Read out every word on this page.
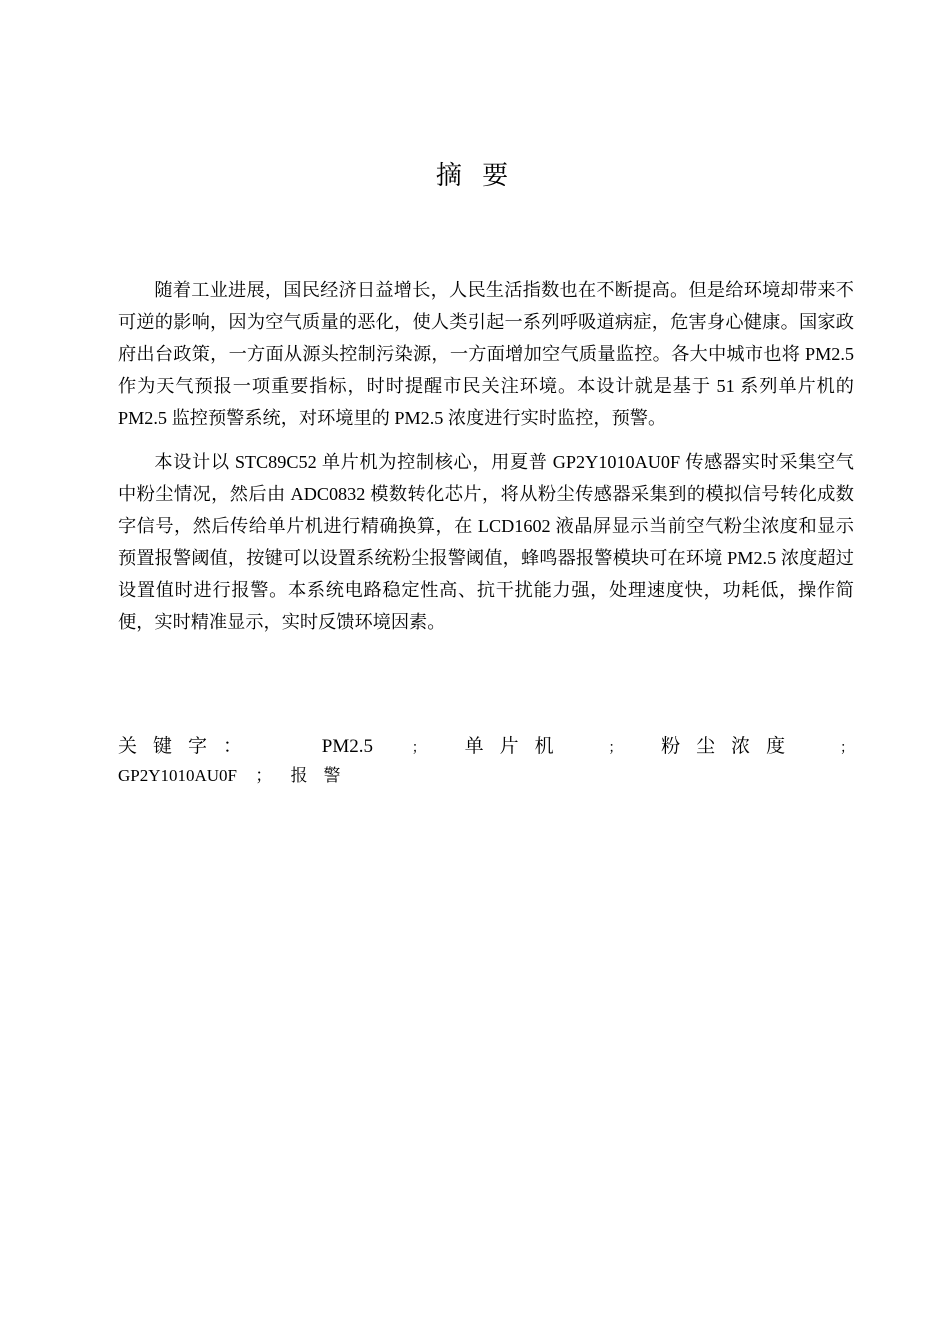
摘 要

随着工业进展，国民经济日益增长，人民生活指数也在不断提高。但是给环境却带来不可逆的影响，因为空气质量的恶化，使人类引起一系列呼吸道病症，危害身心健康。国家政府出台政策，一方面从源头控制污染源，一方面增加空气质量监控。各大中城市也将 PM2.5 作为天气预报一项重要指标，时时提醒市民关注环境。本设计就是基于 51 系列单片机的 PM2.5 监控预警系统，对环境里的 PM2.5 浓度进行实时监控，预警。

本设计以 STC89C52 单片机为控制核心，用夏普 GP2Y1010AU0F 传感器实时采集空气中粉尘情况，然后由 ADC0832 模数转化芯片，将从粉尘传感器采集到的模拟信号转化成数字信号，然后传给单片机进行精确换算，在 LCD1602 液晶屏显示当前空气粉尘浓度和显示预置报警阈值，按键可以设置系统粉尘报警阈值，蜂鸣器报警模块可在环境 PM2.5 浓度超过设置值时进行报警。本系统电路稳定性高、抗干扰能力强，处理速度快，功耗低，操作简便，实时精准显示，实时反馈环境因素。

关键字：	PM2.5	； 单片机	； 粉尘浓度	；
GP2Y1010AU0F ； 报警
